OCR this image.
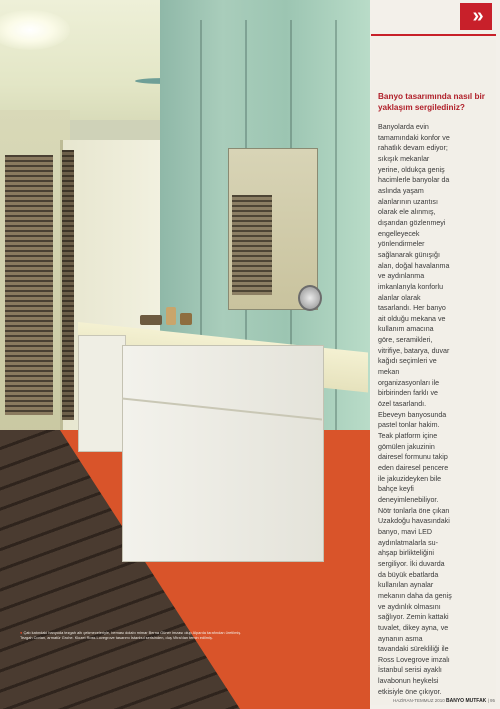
● Çatı katındaki banyoda tezgah altı çekmeceleriyle, beması dolabı mimar Berna Güner imzası olup Alparda tarafından üretilmiş. Tezgah Corian, armatür Grohe. Klozet Ross Lovegrove tasarımı İstanbul serisinden, duş Vitra'dan temin edilmiş.
»
Banyo tasarımında nasıl bir yaklaşım sergilediniz?
Banyolarda evin
tamamındaki konfor ve
rahatlık devam ediyor;
sıkışık mekanlar
yerine, oldukça geniş
hacimlerle banyolar da
aslında yaşam
alanlarının uzantısı
olarak ele alınmış,
dışarıdan gözlenmeyi
engelleyecek
yönlendirmeler
sağlanarak günışığı
alan, doğal havalanma
ve aydınlanma
imkanlarıyla konforlu
alanlar olarak
tasarlandı. Her banyo
ait olduğu mekana ve
kullanım amacına
göre, seramikleri,
vitrifiye, batarya, duvar
kağıdı seçimleri ve
mekan
organizasyonları ile
birbirinden farklı ve
özel tasarlandı.
Ebeveyn banyosunda
pastel tonlar hakim.
Teak platform içine
gömülen jakuzinin
dairesel formunu takip
eden dairesel pencere
ile jakuzideyken bile
bahçe keyfi
deneyimlenebiliyor.
Nötr tonlarla öne çıkan
Uzakdoğu havasındaki
banyo, mavi LED
aydınlatmalarla su-
ahşap birlikteliğini
sergiliyor. İki duvarda
da büyük ebatlarda
kullanılan aynalar
mekanın daha da geniş
ve aydınlık olmasını
sağlıyor. Zemin kattaki
tuvalet, dikey ayna, ve
aynanın asma
tavandaki sürekliliği ile
Ross Lovegrove imzalı
İstanbul serisi ayaklı
lavabonun heykelsi
etkisiyle öne çıkıyor.
HAZİRAN-TEMMUZ 2010 BANYO MUTFAK | 95
